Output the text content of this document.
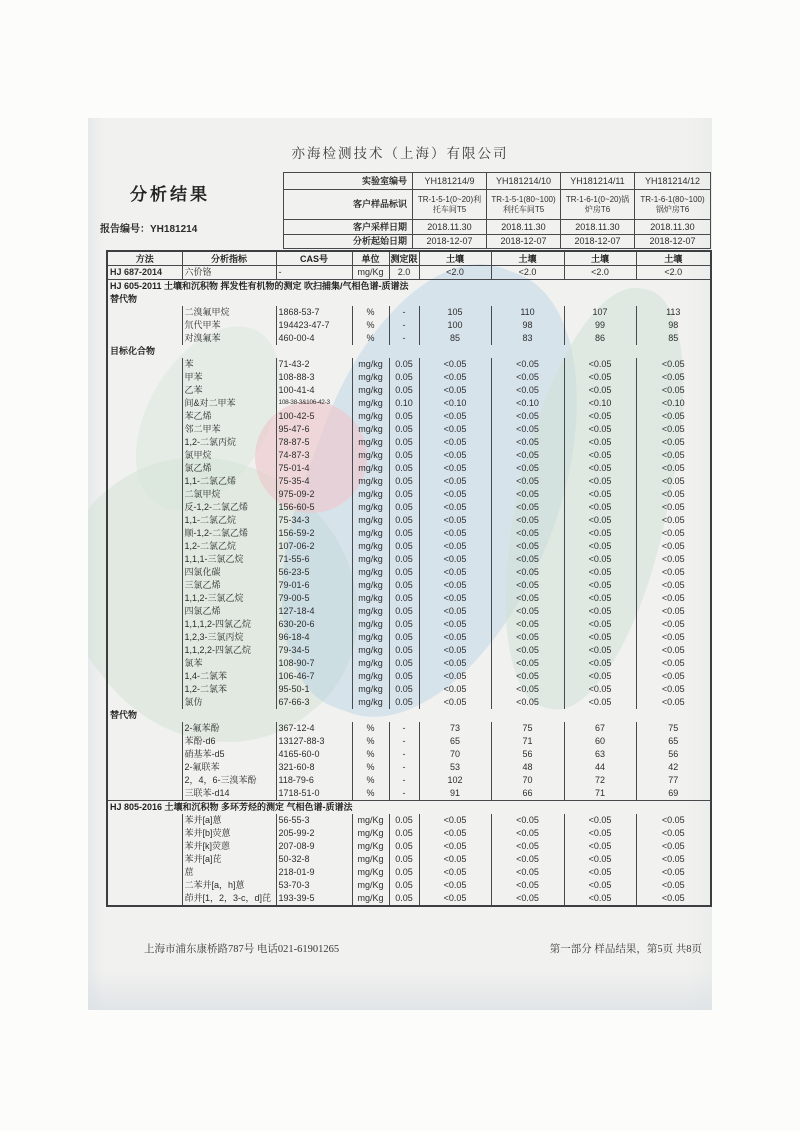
亦海检测技术（上海）有限公司
分析结果
报告编号：YH181214
实验室编号	YH181214/9	YH181214/10	YH181214/11	YH181214/12
客户样品标识	TR-1-5-1(0~20)利托车间T5	TR-1-5-1(80~100)利托车间T5	TR-1-6-1(0~20)锅炉房T6	TR-1-6-1(80~100)锅炉房T6
客户采样日期	2018.11.30	2018.11.30	2018.11.30	2018.11.30
分析起始日期	2018-12-07	2018-12-07	2018-12-07	2018-12-07
方法	分析指标	CAS号	单位	测定限	土壤	土壤	土壤	土壤
HJ 687-2014	六价铬	-	mg/Kg	2.0	<2.0	<2.0	<2.0	<2.0
HJ 605-2011 土壤和沉积物 挥发性有机物的测定 吹扫捕集/气相色谱-质谱法								
替代物								
	二溴氟甲烷	1868-53-7	%	-	105	110	107	113
	氘代甲苯	194423-47-7	%	-	100	98	99	98
	对溴氟苯	460-00-4	%	-	85	83	86	85
目标化合物								
	苯	71-43-2	mg/kg	0.05	<0.05	<0.05	<0.05	<0.05
	甲苯	108-88-3	mg/kg	0.05	<0.05	<0.05	<0.05	<0.05
	乙苯	100-41-4	mg/kg	0.05	<0.05	<0.05	<0.05	<0.05
	间&对二甲苯	108-38-3&106-42-3	mg/kg	0.10	<0.10	<0.10	<0.10	<0.10
	苯乙烯	100-42-5	mg/kg	0.05	<0.05	<0.05	<0.05	<0.05
	邻二甲苯	95-47-6	mg/kg	0.05	<0.05	<0.05	<0.05	<0.05
	1,2-二氯丙烷	78-87-5	mg/kg	0.05	<0.05	<0.05	<0.05	<0.05
	氯甲烷	74-87-3	mg/kg	0.05	<0.05	<0.05	<0.05	<0.05
	氯乙烯	75-01-4	mg/kg	0.05	<0.05	<0.05	<0.05	<0.05
	1,1-二氯乙烯	75-35-4	mg/kg	0.05	<0.05	<0.05	<0.05	<0.05
	二氯甲烷	975-09-2	mg/kg	0.05	<0.05	<0.05	<0.05	<0.05
	反-1,2-二氯乙烯	156-60-5	mg/kg	0.05	<0.05	<0.05	<0.05	<0.05
	1,1-二氯乙烷	75-34-3	mg/kg	0.05	<0.05	<0.05	<0.05	<0.05
	顺-1,2-二氯乙烯	156-59-2	mg/kg	0.05	<0.05	<0.05	<0.05	<0.05
	1,2-二氯乙烷	107-06-2	mg/kg	0.05	<0.05	<0.05	<0.05	<0.05
	1,1,1-三氯乙烷	71-55-6	mg/kg	0.05	<0.05	<0.05	<0.05	<0.05
	四氯化碳	56-23-5	mg/kg	0.05	<0.05	<0.05	<0.05	<0.05
	三氯乙烯	79-01-6	mg/kg	0.05	<0.05	<0.05	<0.05	<0.05
	1,1,2-三氯乙烷	79-00-5	mg/kg	0.05	<0.05	<0.05	<0.05	<0.05
	四氯乙烯	127-18-4	mg/kg	0.05	<0.05	<0.05	<0.05	<0.05
	1,1,1,2-四氯乙烷	630-20-6	mg/kg	0.05	<0.05	<0.05	<0.05	<0.05
	1,2,3-三氯丙烷	96-18-4	mg/kg	0.05	<0.05	<0.05	<0.05	<0.05
	1,1,2,2-四氯乙烷	79-34-5	mg/kg	0.05	<0.05	<0.05	<0.05	<0.05
	氯苯	108-90-7	mg/kg	0.05	<0.05	<0.05	<0.05	<0.05
	1,4-二氯苯	106-46-7	mg/kg	0.05	<0.05	<0.05	<0.05	<0.05
	1,2-二氯苯	95-50-1	mg/kg	0.05	<0.05	<0.05	<0.05	<0.05
	氯仿	67-66-3	mg/kg	0.05	<0.05	<0.05	<0.05	<0.05
替代物								
	2-氟苯酚	367-12-4	%	-	73	75	67	75
	苯酚-d6	13127-88-3	%	-	65	71	60	65
	硝基苯-d5	4165-60-0	%	-	70	56	63	56
	2-氟联苯	321-60-8	%	-	53	48	44	42
	2，4，6-三溴苯酚	118-79-6	%	-	102	70	72	77
	三联苯-d14	1718-51-0	%	-	91	66	71	69
HJ 805-2016 土壤和沉积物 多环芳烃的测定 气相色谱-质谱法								
	苯并[a]蒽	56-55-3	mg/Kg	0.05	<0.05	<0.05	<0.05	<0.05
	苯并[b]荧蒽	205-99-2	mg/Kg	0.05	<0.05	<0.05	<0.05	<0.05
	苯并[k]荧蒽	207-08-9	mg/Kg	0.05	<0.05	<0.05	<0.05	<0.05
	苯并[a]芘	50-32-8	mg/Kg	0.05	<0.05	<0.05	<0.05	<0.05
	䓛	218-01-9	mg/Kg	0.05	<0.05	<0.05	<0.05	<0.05
	二苯并[a，h]蒽	53-70-3	mg/Kg	0.05	<0.05	<0.05	<0.05	<0.05
	茚并[1，2，3-c，d]芘	193-39-5	mg/Kg	0.05	<0.05	<0.05	<0.05	<0.05
上海市浦东康桥路787号 电话021-61901265	第一部分 样品结果，第5页 共8页
